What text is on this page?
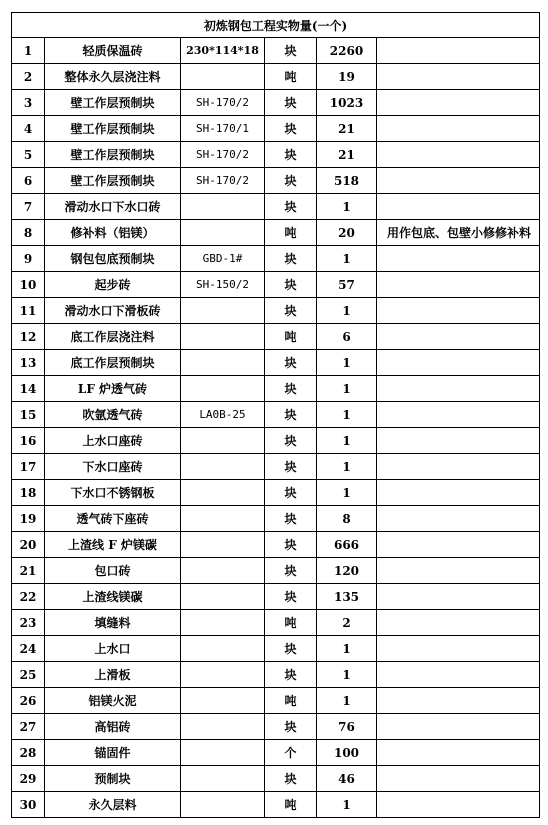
初炼钢包工程实物量(一个)					
1	轻质保温砖	230*114*18	块	2260	
2	整体永久层浇注料		吨	19	
3	壁工作层预制块	SH-170/2	块	1023	
4	壁工作层预制块	SH-170/1	块	21	
5	壁工作层预制块	SH-170/2	块	21	
6	壁工作层预制块	SH-170/2	块	518	
7	滑动水口下水口砖		块	1	
8	修补料（铝镁）		吨	20	用作包底、包壁小修修补料
9	钢包包底预制块	GBD-1#	块	1	
10	起步砖	SH-150/2	块	57	
11	滑动水口下滑板砖		块	1	
12	底工作层浇注料		吨	6	
13	底工作层预制块		块	1	
14	LF 炉透气砖		块	1	
15	吹氩透气砖	LA0B-25	块	1	
16	上水口座砖		块	1	
17	下水口座砖		块	1	
18	下水口不锈钢板		块	1	
19	透气砖下座砖		块	8	
20	上渣线 F 炉镁碳		块	666	
21	包口砖		块	120	
22	上渣线镁碳		块	135	
23	填缝料		吨	2	
24	上水口		块	1	
25	上滑板		块	1	
26	铝镁火泥		吨	1	
27	高铝砖		块	76	
28	锚固件		个	100	
29	预制块		块	46	
30	永久层料		吨	1	
